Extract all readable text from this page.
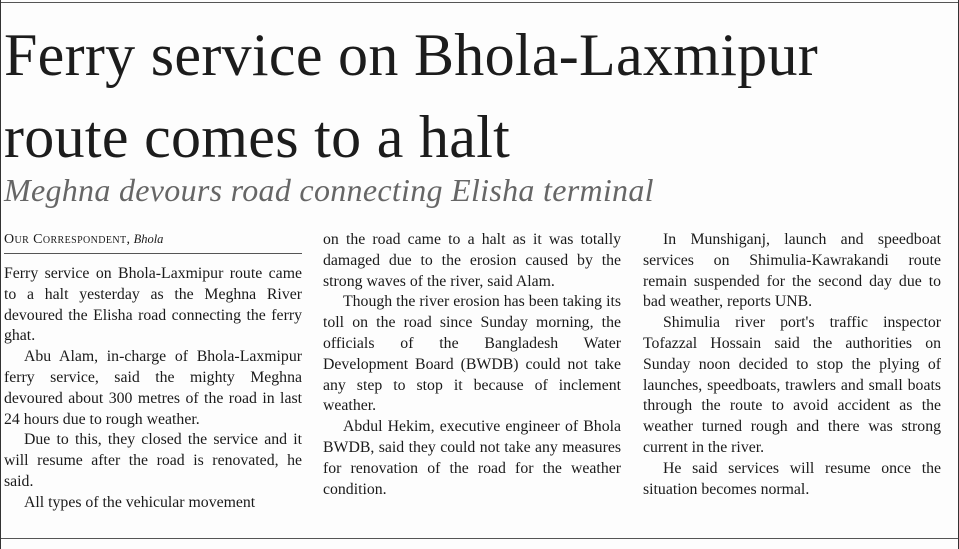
Ferry service on Bhola-Laxmipur route comes to a halt
Meghna devours road connecting Elisha terminal
Our Correspondent, Bhola

Ferry service on Bhola-Laxmipur route came to a halt yesterday as the Meghna River devoured the Elisha road connecting the ferry ghat.

Abu Alam, in-charge of Bhola-Laxmipur ferry service, said the mighty Meghna devoured about 300 metres of the road in last 24 hours due to rough weather.

Due to this, they closed the service and it will resume after the road is renovated, he said.

All types of the vehicular movement

on the road came to a halt as it was totally damaged due to the erosion caused by the strong waves of the river, said Alam.

Though the river erosion has been taking its toll on the road since Sunday morning, the officials of the Bangladesh Water Development Board (BWDB) could not take any step to stop it because of inclement weather.

Abdul Hekim, executive engineer of Bhola BWDB, said they could not take any measures for renovation of the road for the weather condition.

In Munshiganj, launch and speedboat services on Shimulia-Kawrakandi route remain suspended for the second day due to bad weather, reports UNB.

Shimulia river port's traffic inspector Tofazzal Hossain said the authorities on Sunday noon decided to stop the plying of launches, speedboats, trawlers and small boats through the route to avoid accident as the weather turned rough and there was strong current in the river.

He said services will resume once the situation becomes normal.
